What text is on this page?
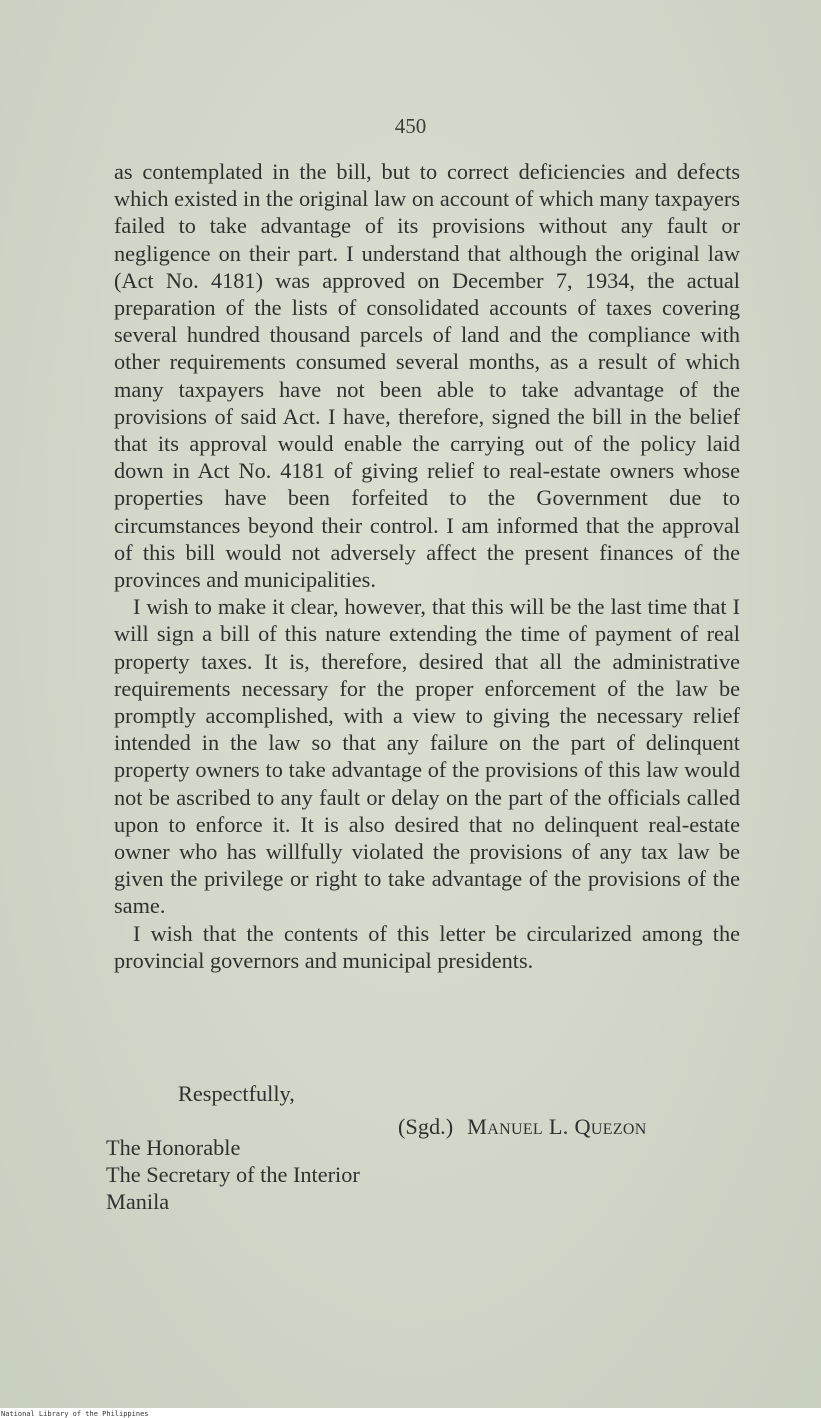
450

as contemplated in the bill, but to correct deficiencies and defects which existed in the original law on account of which many taxpayers failed to take advantage of its provisions without any fault or negligence on their part. I understand that although the original law (Act No. 4181) was approved on December 7, 1934, the actual preparation of the lists of consolidated accounts of taxes covering several hundred thousand parcels of land and the compliance with other requirements consumed several months, as a result of which many taxpayers have not been able to take advantage of the provisions of said Act. I have, therefore, signed the bill in the belief that its approval would enable the carrying out of the policy laid down in Act No. 4181 of giving relief to real-estate owners whose properties have been forfeited to the Government due to circumstances beyond their control. I am informed that the approval of this bill would not adversely affect the present finances of the provinces and municipalities.

I wish to make it clear, however, that this will be the last time that I will sign a bill of this nature extending the time of payment of real property taxes. It is, therefore, desired that all the administrative requirements necessary for the proper enforcement of the law be promptly accomplished, with a view to giving the necessary relief intended in the law so that any failure on the part of delinquent property owners to take advantage of the provisions of this law would not be ascribed to any fault or delay on the part of the officials called upon to enforce it. It is also desired that no delinquent real-estate owner who has willfully violated the provisions of any tax law be given the privilege or right to take advantage of the provisions of the same.

I wish that the contents of this letter be circularized among the provincial governors and municipal presidents.

Respectfully,
(Sgd.) Manuel L. Quezon
The Honorable
The Secretary of the Interior
Manila
National Library of the Philippines
